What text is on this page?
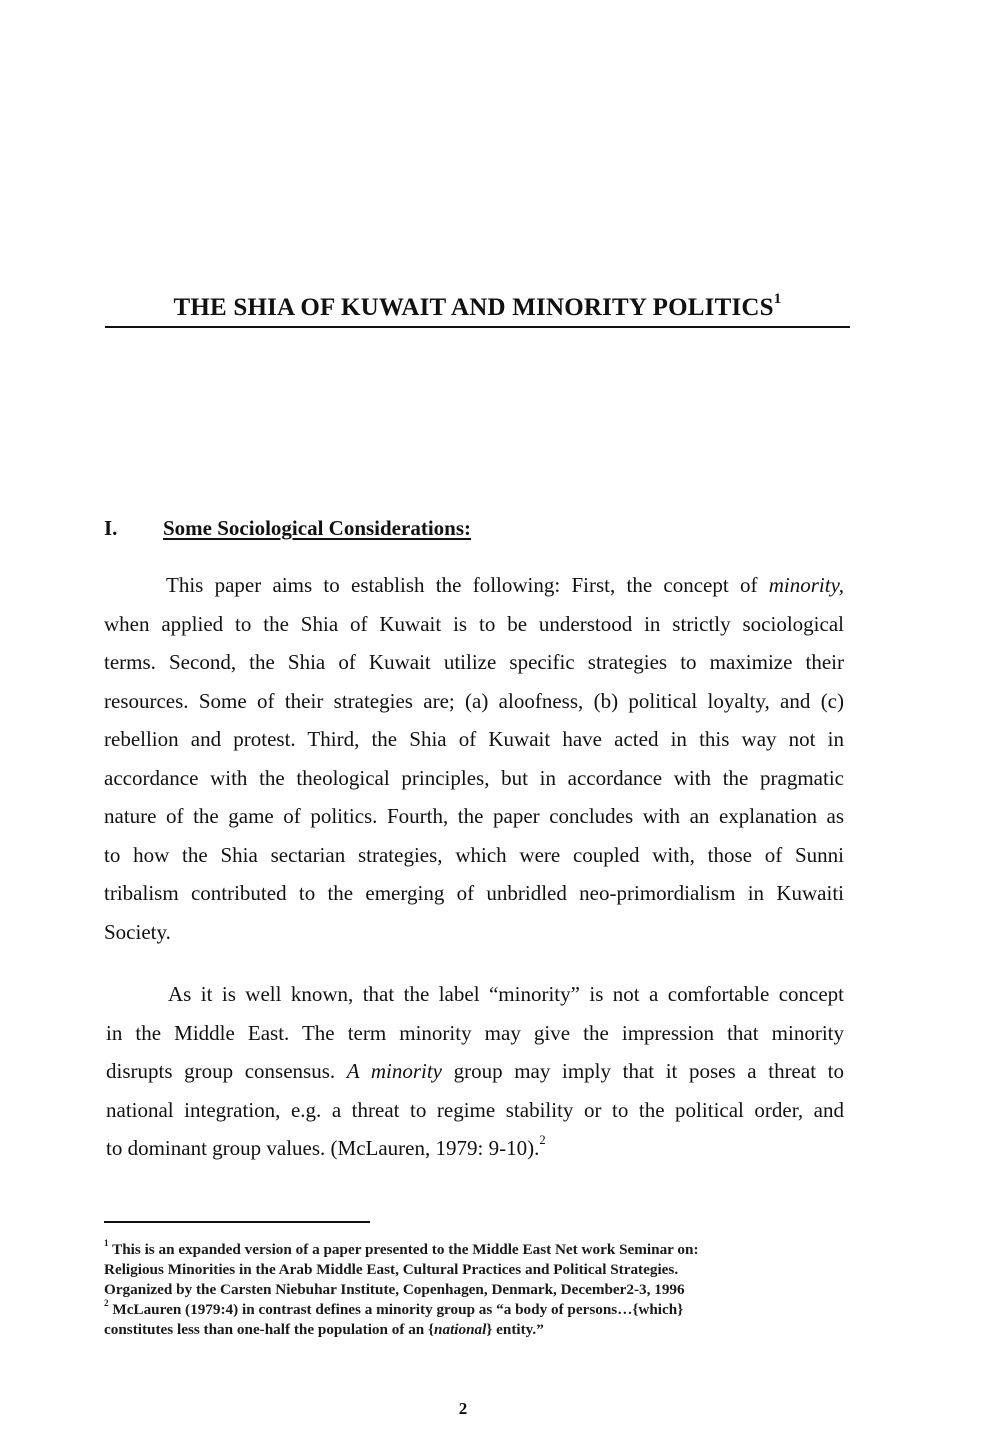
THE SHIA OF KUWAIT AND MINORITY POLITICS$^1$
I. Some Sociological Considerations:
This paper aims to establish the following: First, the concept of minority,
when applied to the Shia of Kuwait is to be understood in strictly sociological
terms. Second, the Shia of Kuwait utilize specific strategies to maximize their
resources. Some of their strategies are; (a) aloofness, (b) political loyalty, and (c)
rebellion and protest. Third, the Shia of Kuwait have acted in this way not in
accordance with the theological principles, but in accordance with the pragmatic
nature of the game of politics. Fourth, the paper concludes with an explanation as
to how the Shia sectarian strategies, which were coupled with, those of Sunni
tribalism contributed to the emerging of unbridled neo-primordialism in Kuwaiti
Society.
As it is well known, that the label “minority” is not a comfortable concept
in the Middle East. The term minority may give the impression that minority
disrupts group consensus. A minority group may imply that it poses a threat to
national integration, e.g. a threat to regime stability or to the political order, and
to dominant group values. (McLauren, 1979: 9-10).$^2$
$^1$ This is an expanded version of a paper presented to the Middle East Net work Seminar on:
Religious Minorities in the Arab Middle East, Cultural Practices and Political Strategies.
Organized by the Carsten Niebuhar Institute, Copenhagen, Denmark, December2-3, 1996
$^2$ McLauren (1979:4) in contrast defines a minority group as “a body of persons…{which}
constitutes less than one-half the population of an {national} entity.”
2
